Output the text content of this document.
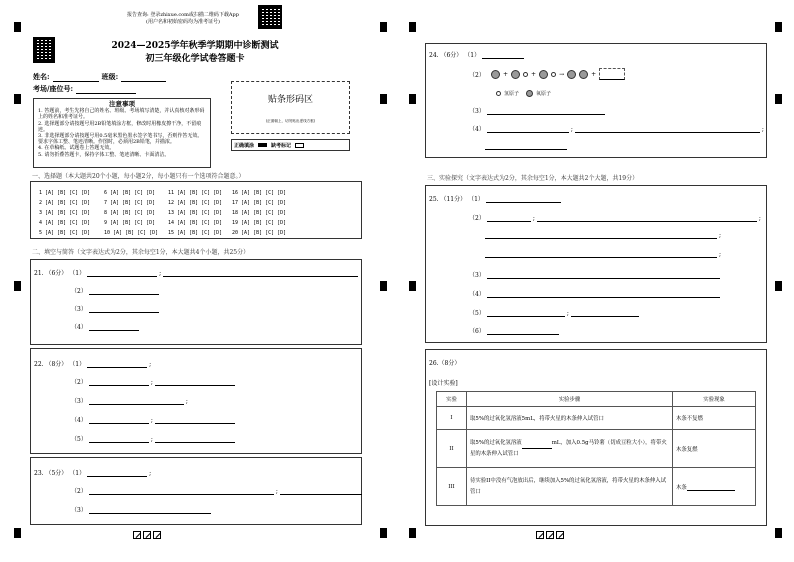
报告查询: 登录zhixue.com或扫描二维码下载App
(用户名和初始密码均为准考证号)
2024—2025学年秋季学期期中诊断测试
初三年级化学试卷答题卡
姓名:	班级:
考场/座位号:
注意事项
1. 答题前，考生先将自己的姓名、班级、考场填写清楚，并认真核对条形码上的姓名和准考证号。
2. 选择题部分请按题号用2B铅笔填涂方框，修改时用橡皮擦干净，不留痕迹。
3. 非选择题部分请按题号用0.5毫米黑色墨水签字笔书写，否则作答无效。要求字体工整、笔迹清晰。作图时，必须用2B铅笔，并描浓。
4. 在草稿纸、试题卷上答题无效。
5. 请勿折叠答题卡，保持字体工整、笔迹清晰、卡面清洁。
贴条形码区
(正面朝上，切勿贴出虚线方框)
正确填涂	缺考标记
一、选择题（本大题共20个小题，每小题2分，每小题只有一个选项符合题意。）
1 [A] [B] [C] [D]
2 [A] [B] [C] [D]
3 [A] [B] [C] [D]
4 [A] [B] [C] [D]
5 [A] [B] [C] [D]
6 [A] [B] [C] [D]
7 [A] [B] [C] [D]
8 [A] [B] [C] [D]
9 [A] [B] [C] [D]
10 [A] [B] [C] [D]
11 [A] [B] [C] [D]
12 [A] [B] [C] [D]
13 [A] [B] [C] [D]
14 [A] [B] [C] [D]
15 [A] [B] [C] [D]
16 [A] [B] [C] [D]
17 [A] [B] [C] [D]
18 [A] [B] [C] [D]
19 [A] [B] [C] [D]
20 [A] [B] [C] [D]
二、填空与简答（文字表达式为2分，其余每空1分，本大题共4个小题，共25分）
21. （6分） （1）	;
（2）
（3）
（4）
22. （8分） （1）	;
（2）	;
（3）	;
（4）	;
（5）	;
23. （5分） （1）	;
（2）	;
（3）
24. （6分） （1）
（2）	+	+	→	+
氢原子	氧原子
（3）
（4）	;	;
三、实验探究（文字表达式为2分，其余每空1分，本大题共2个大题，共19分）
25. （11分） （1）
（2）	;	;
;
;
（3）
（4）
（5）	;
（6）
26.（8分）
[设计实验]
实验	实验步骤	实验现象
I	取5%的过氧化氢溶液5mL，将带火星的木条伸入试管口	木条不复燃
II	取5%的过氧化氢溶液 mL，加入0.5g马铃薯（切成豆粒大小），将带火星的木条伸入试管口	木条复燃
III	待实验II中没有气泡放出后，继续加入5%的过氧化氢溶液，将带火星的木条伸入试管口	木条
